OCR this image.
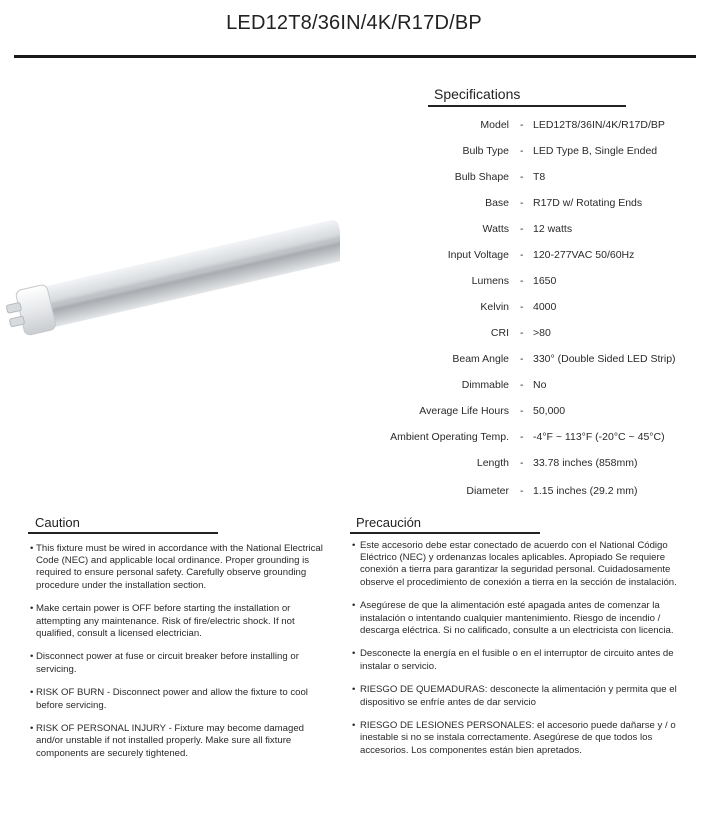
LED12T8/36IN/4K/R17D/BP
Specifications
Model - LED12T8/36IN/4K/R17D/BP
Bulb Type - LED Type B, Single Ended
Bulb Shape - T8
Base - R17D w/ Rotating Ends
Watts - 12 watts
Input Voltage - 120-277VAC 50/60Hz
Lumens - 1650
Kelvin - 4000
CRI - >80
Beam Angle - 330° (Double Sided LED Strip)
Dimmable - No
Average Life Hours - 50,000
Ambient Operating Temp. - -4°F ~ 113°F (-20°C ~ 45°C)
Length - 33.78 inches (858mm)
Diameter - 1.15 inches (29.2 mm)
Caution	Precaución
• This fixture must be wired in accordance with the National Electrical Code (NEC) and applicable local ordinance. Proper grounding is required to ensure personal safety. Carefully observe grounding procedure under the installation section.
• Make certain power is OFF before starting the installation or attempting any maintenance. Risk of fire/electric shock. If not qualified, consult a licensed electrician.
• Disconnect power at fuse or circuit breaker before installing or servicing.
• RISK OF BURN - Disconnect power and allow the fixture to cool before servicing.
• RISK OF PERSONAL INJURY - Fixture may become damaged and/or unstable if not installed properly. Make sure all fixture components are securely tightened.
• Este accesorio debe estar conectado de acuerdo con el National Código Eléctrico (NEC) y ordenanzas locales aplicables. Apropiado Se requiere conexión a tierra para garantizar la seguridad personal. Cuidadosamente observe el procedimiento de conexión a tierra en la sección de instalación.
• Asegúrese de que la alimentación esté apagada antes de comenzar la instalación o intentando cualquier mantenimiento. Riesgo de incendio / descarga eléctrica. Si no calificado, consulte a un electricista con licencia.
• Desconecte la energía en el fusible o en el interruptor de circuito antes de instalar o servicio.
• RIESGO DE QUEMADURAS: desconecte la alimentación y permita que el dispositivo se enfríe antes de dar servicio
• RIESGO DE LESIONES PERSONALES: el accesorio puede dañarse y / o inestable si no se instala correctamente. Asegúrese de que todos los accesorios. Los componentes están bien apretados.
